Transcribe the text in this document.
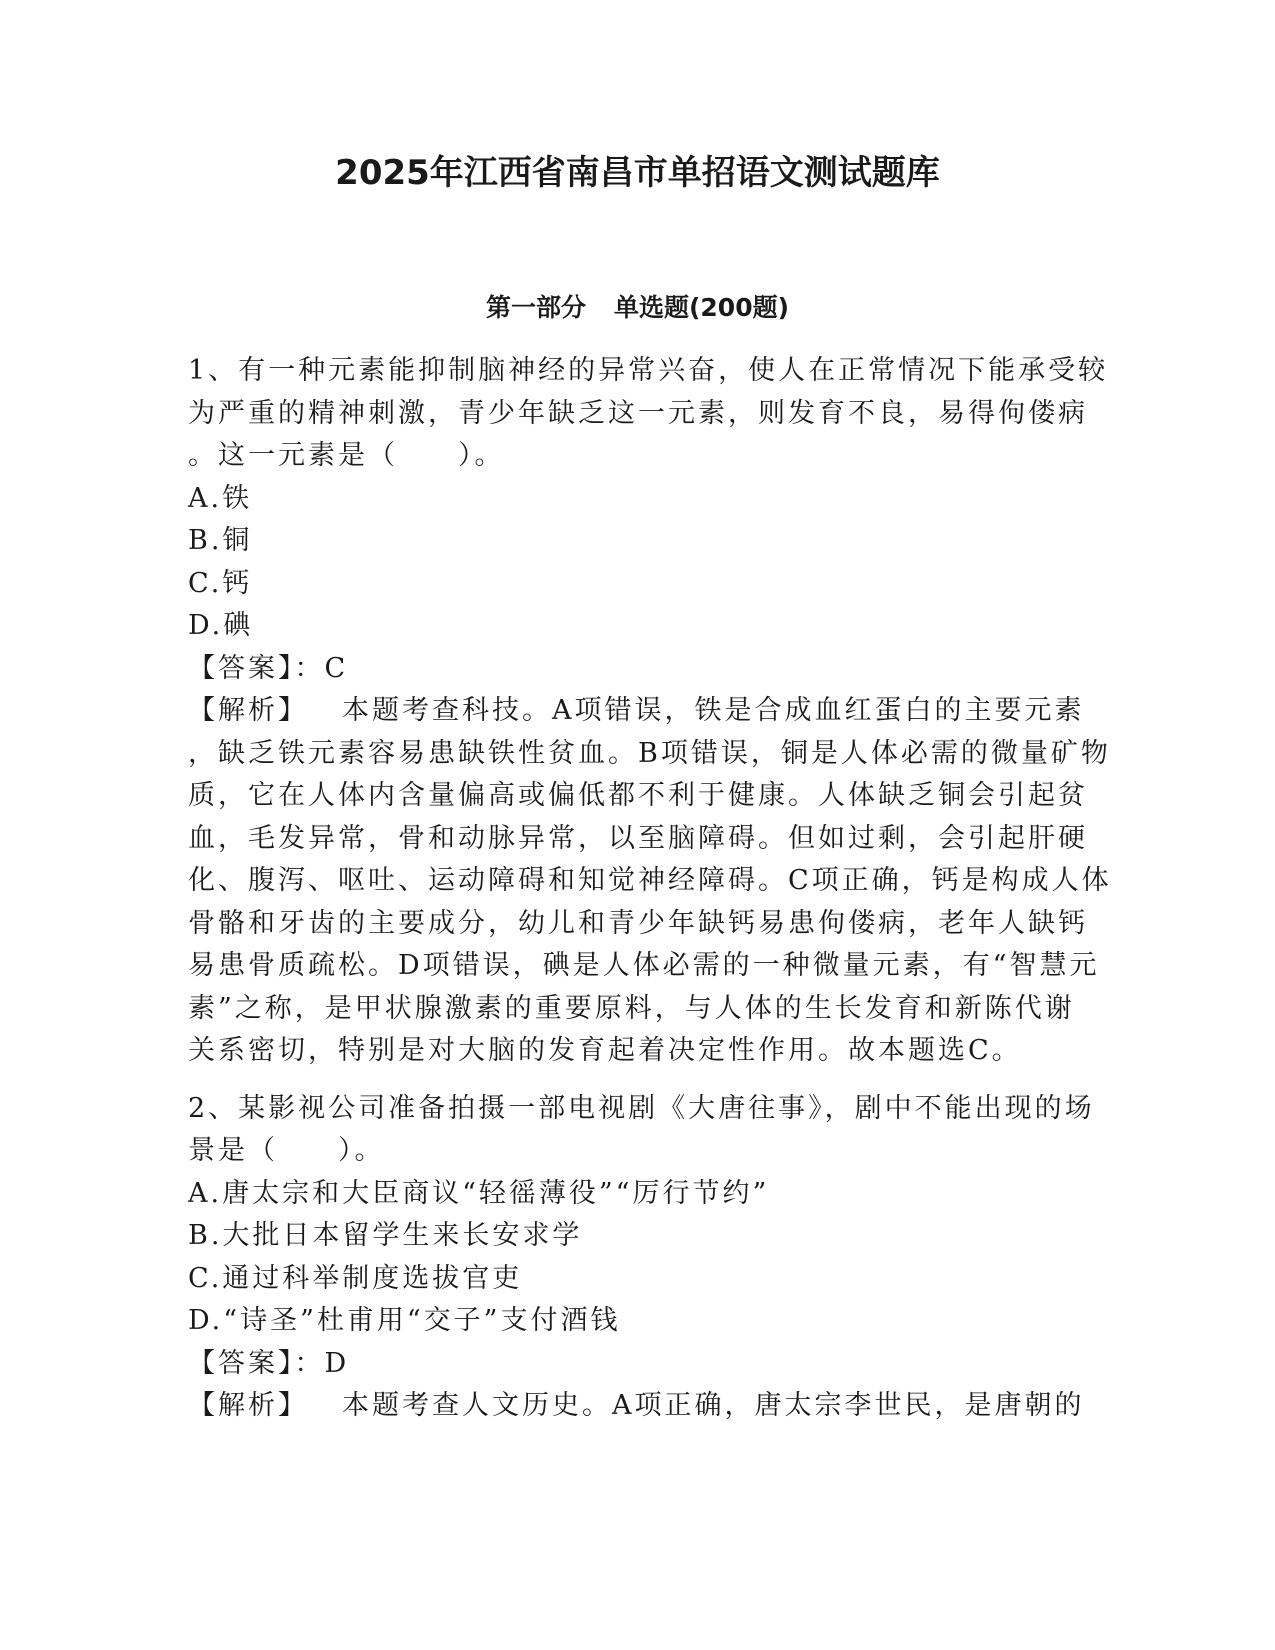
2025年江西省南昌市单招语文测试题库
第一部分 单选题(200题)
1、有一种元素能抑制脑神经的异常兴奋，使人在正常情况下能承受较
为严重的精神刺激，青少年缺乏这一元素，则发育不良，易得佝偻病
。这一元素是（　　）。
A.铁
B.铜
C.钙
D.碘
【答案】：C
【解析】 本题考查科技。A项错误，铁是合成血红蛋白的主要元素
，缺乏铁元素容易患缺铁性贫血。B项错误，铜是人体必需的微量矿物
质，它在人体内含量偏高或偏低都不利于健康。人体缺乏铜会引起贫
血，毛发异常，骨和动脉异常，以至脑障碍。但如过剩，会引起肝硬
化、腹泻、呕吐、运动障碍和知觉神经障碍。C项正确，钙是构成人体
骨骼和牙齿的主要成分，幼儿和青少年缺钙易患佝偻病，老年人缺钙
易患骨质疏松。D项错误，碘是人体必需的一种微量元素，有“智慧元
素”之称，是甲状腺激素的重要原料，与人体的生长发育和新陈代谢
关系密切，特别是对大脑的发育起着决定性作用。故本题选C。
2、某影视公司准备拍摄一部电视剧《大唐往事》，剧中不能出现的场
景是（　　）。
A.唐太宗和大臣商议“轻徭薄役”“厉行节约”
B.大批日本留学生来长安求学
C.通过科举制度选拔官吏
D.“诗圣”杜甫用“交子”支付酒钱
【答案】：D
【解析】 本题考查人文历史。A项正确，唐太宗李世民，是唐朝的
